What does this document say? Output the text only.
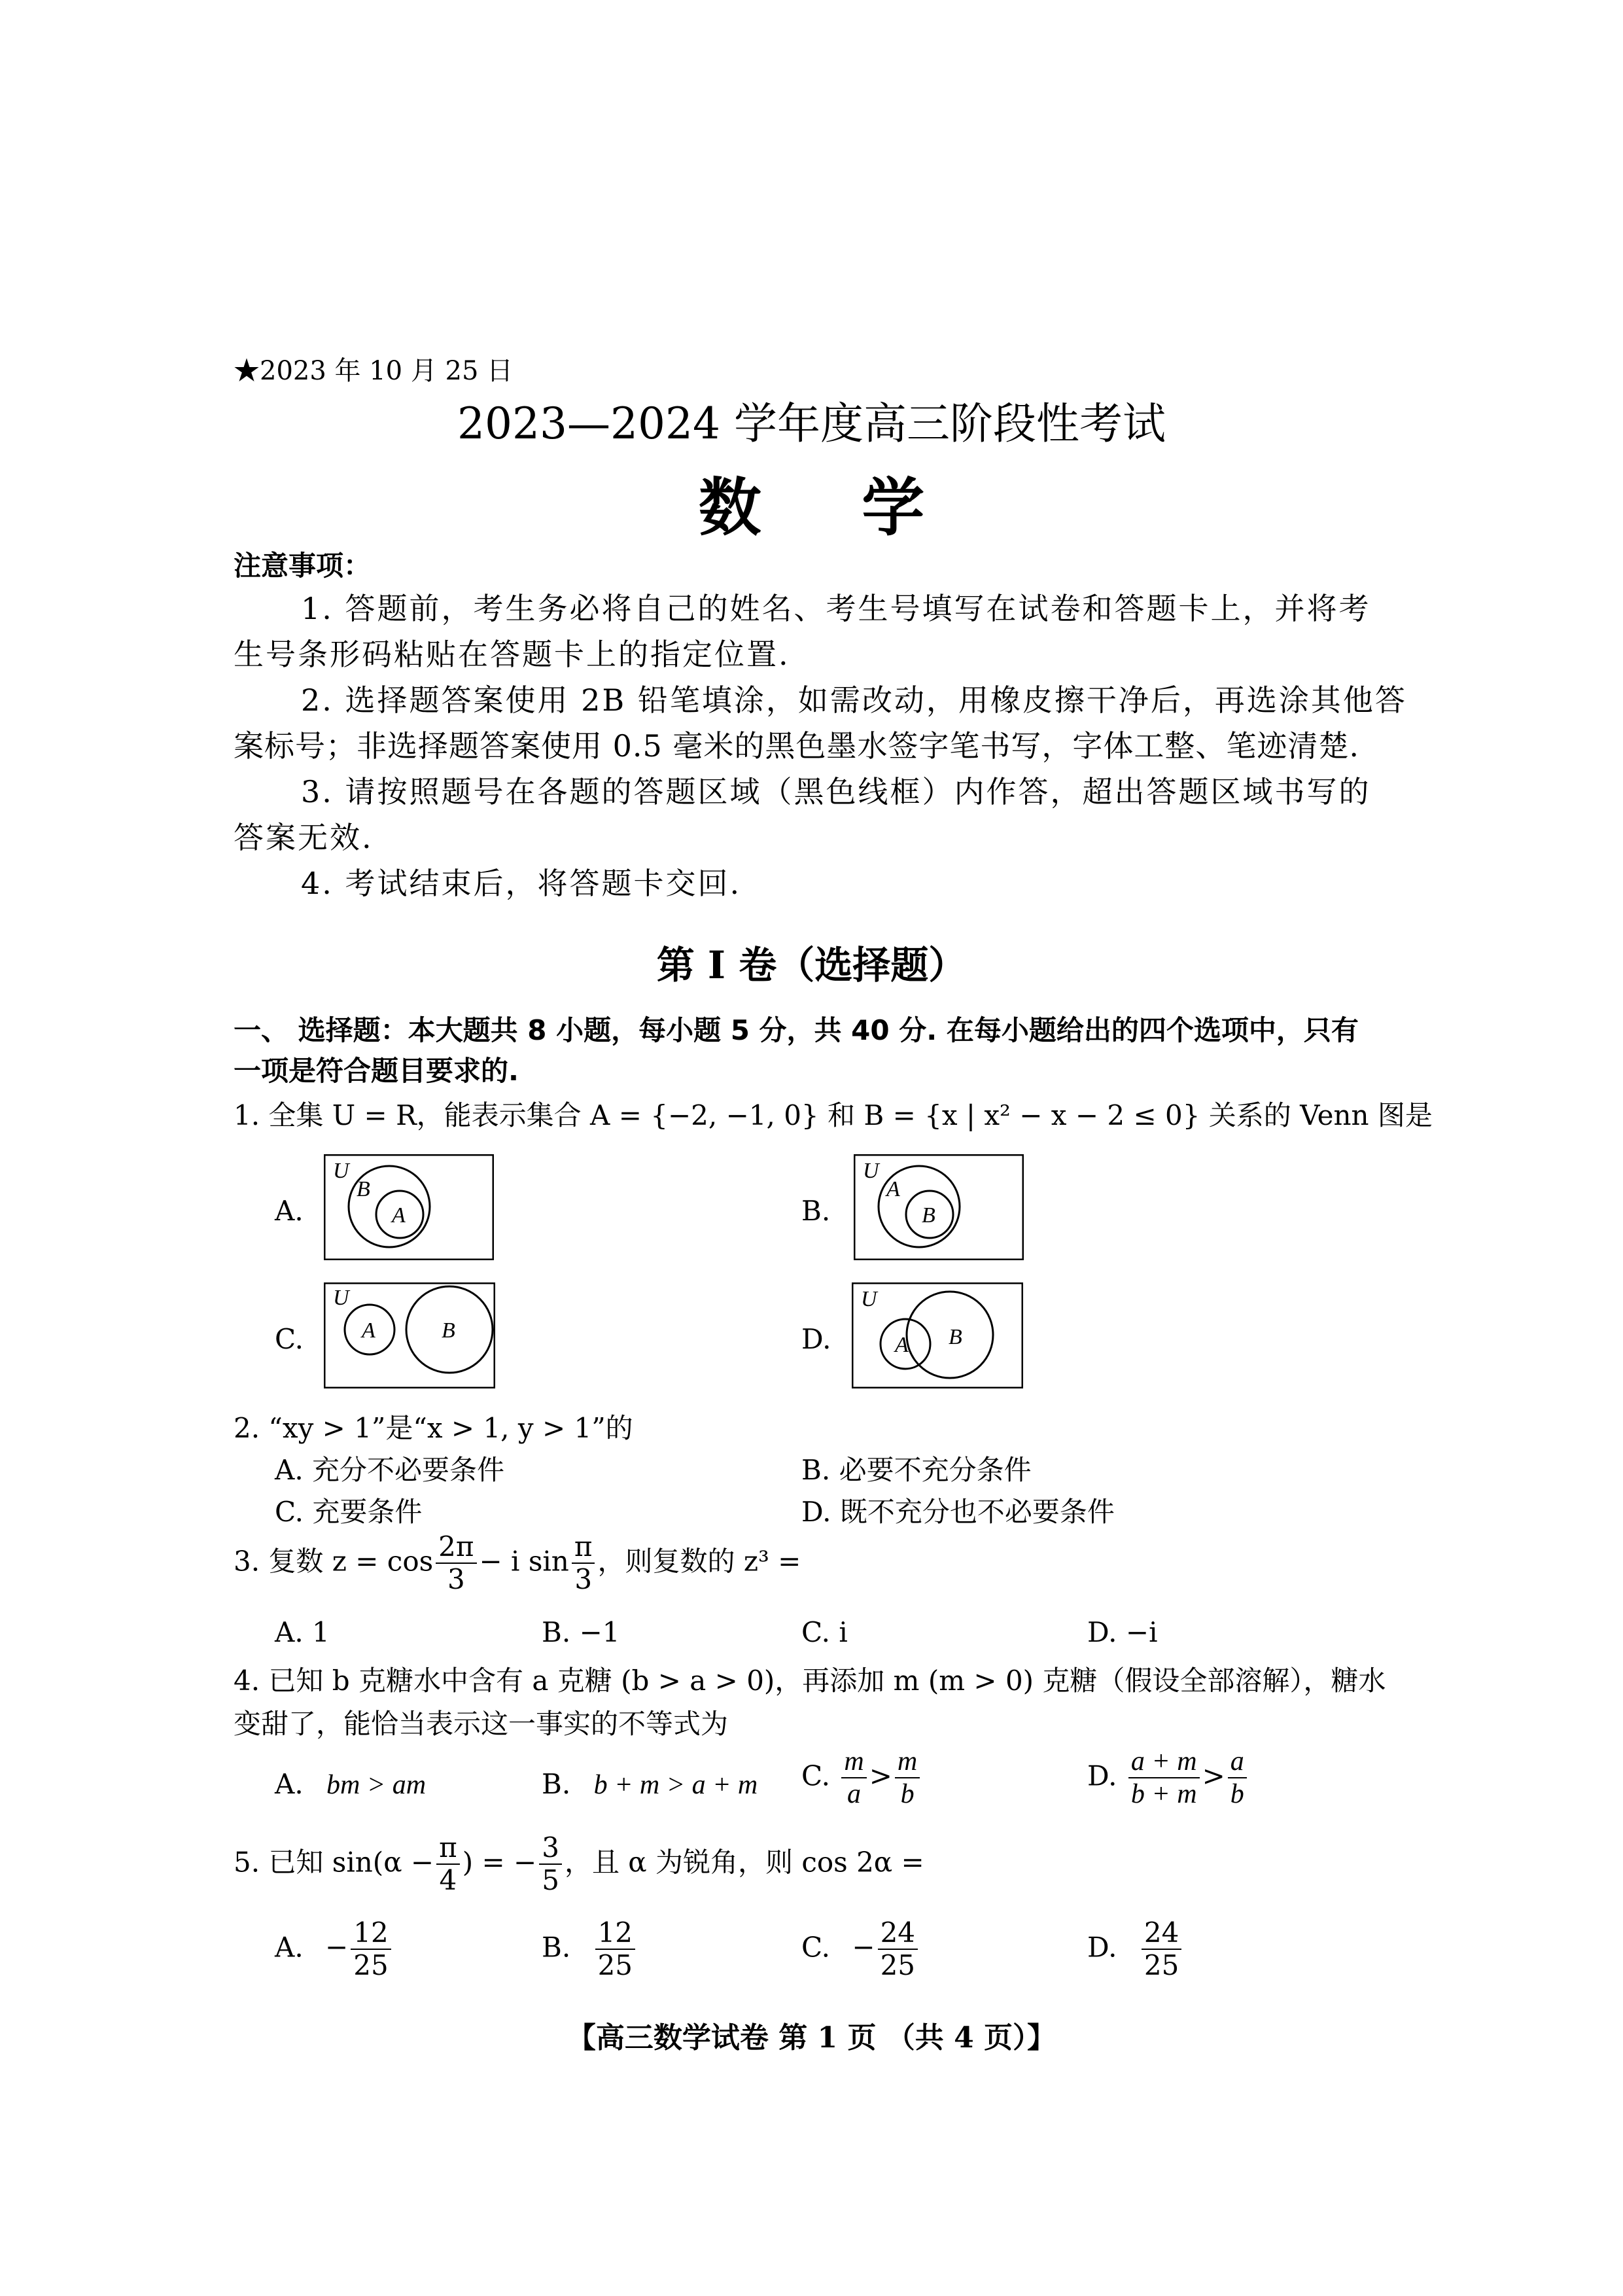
★2023 年 10 月 25 日
2023—2024 学年度高三阶段性考试
数 学
注意事项：
1. 答题前，考生务必将自己的姓名、考生号填写在试卷和答题卡上，并将考
生号条形码粘贴在答题卡上的指定位置.
2. 选择题答案使用 2B 铅笔填涂，如需改动，用橡皮擦干净后，再选涂其他答
案标号；非选择题答案使用 0.5 毫米的黑色墨水签字笔书写，字体工整、笔迹清楚.
3. 请按照题号在各题的答题区域（黑色线框）内作答，超出答题区域书写的
答案无效.
4. 考试结束后，将答题卡交回.
第 I 卷（选择题）
一、 选择题：本大题共 8 小题，每小题 5 分，共 40 分. 在每小题给出的四个选项中，只有
一项是符合题目要求的.
1. 全集 U = R，能表示集合 A = {−2, −1, 0} 和 B = {x | x² − x − 2 ≤ 0} 关系的 Venn 图是
A.
U
B
A	B.
U
A
B
C.
U
A	B	D.
U
A B
2. “xy > 1”是“x > 1, y > 1”的
A. 充分不必要条件	B. 必要不充分条件
C. 充要条件	D. 既不充分也不必要条件
3. 复数 $z = \cos \frac{2\pi}{3} - i$ $\sin \frac{\pi}{3}$ ，则复数的 z³ =
A. 1	B. −1	C. i	D. −i
4. 已知 b 克糖水中含有 a 克糖 (b > a > 0)，再添加 m (m > 0) 克糖（假设全部溶解），糖水
变甜了，能恰当表示这一事实的不等式为
A. bm > am	B. b + m > a + m C. $\frac{m}{a} > \frac{m}{b}$	D. $\frac{a + m}{b + m} > \frac{a}{b}$
5. 已知 $\sin(\alpha - \frac{\pi}{4}$ ) = − $\frac{3}{5}$ ，且 α 为锐角，则 cos 2α =
A. − $\frac{12}{25}$	B. $\frac{12}{25}$	C. − $\frac{24}{25}$	D. $\frac{24}{25}$
【高三数学试卷 第 1 页 （共 4 页）】
